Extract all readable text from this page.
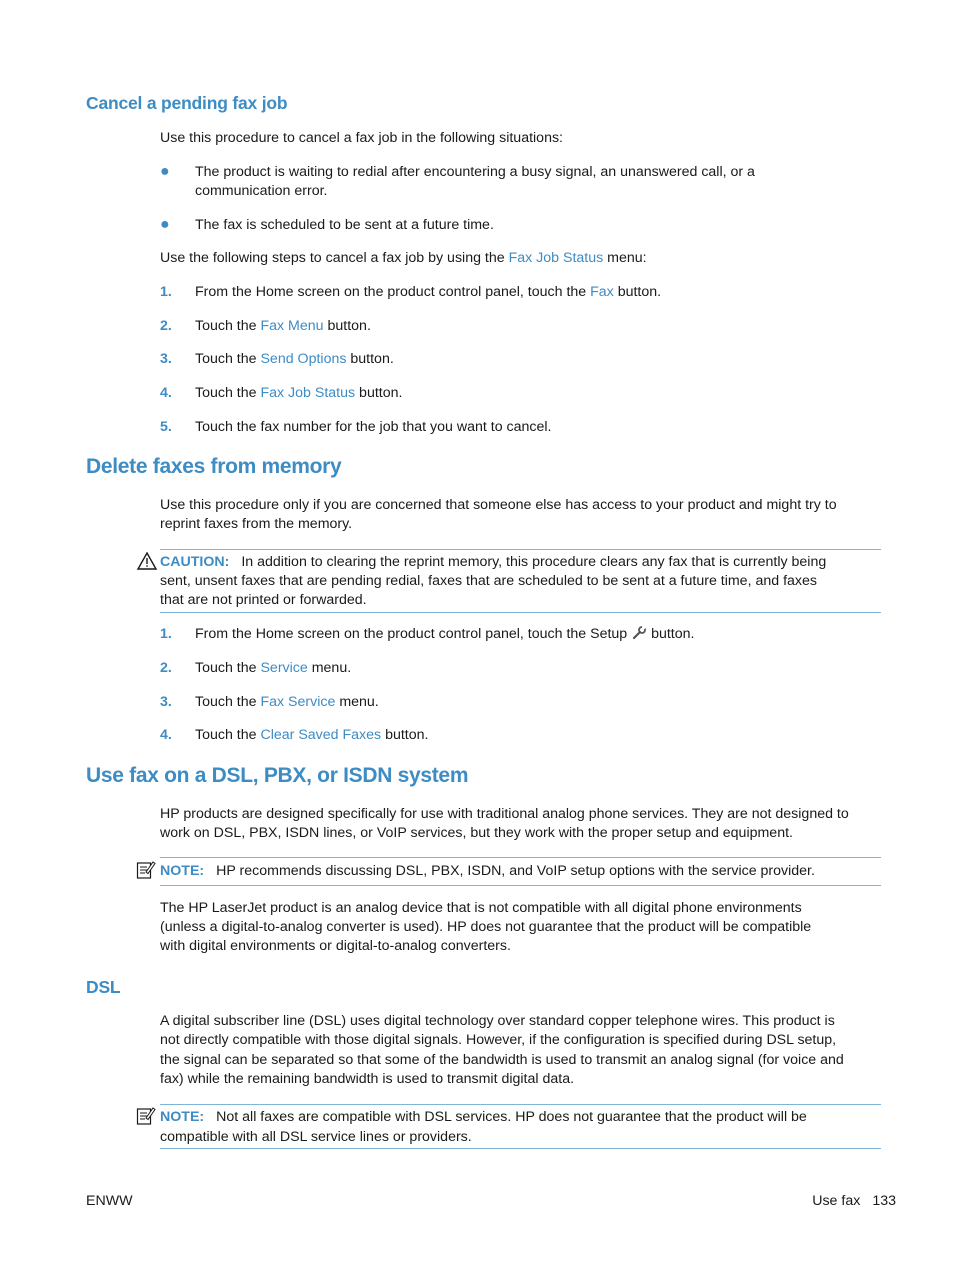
Cancel a pending fax job
Use this procedure to cancel a fax job in the following situations:
● The product is waiting to redial after encountering a busy signal, an unanswered call, or a
communication error.
● The fax is scheduled to be sent at a future time.
Use the following steps to cancel a fax job by using the Fax Job Status menu:
1. From the Home screen on the product control panel, touch the Fax button.
2. Touch the Fax Menu button.
3. Touch the Send Options button.
4. Touch the Fax Job Status button.
5. Touch the fax number for the job that you want to cancel.
Delete faxes from memory
Use this procedure only if you are concerned that someone else has access to your product and might try to
reprint faxes from the memory.
CAUTION: In addition to clearing the reprint memory, this procedure clears any fax that is currently being
sent, unsent faxes that are pending redial, faxes that are scheduled to be sent at a future time, and faxes
that are not printed or forwarded.
1. From the Home screen on the product control panel, touch the Setup  button.
2. Touch the Service menu.
3. Touch the Fax Service menu.
4. Touch the Clear Saved Faxes button.
Use fax on a DSL, PBX, or ISDN system
HP products are designed specifically for use with traditional analog phone services. They are not designed to
work on DSL, PBX, ISDN lines, or VoIP services, but they work with the proper setup and equipment.
NOTE: HP recommends discussing DSL, PBX, ISDN, and VoIP setup options with the service provider.
The HP LaserJet product is an analog device that is not compatible with all digital phone environments
(unless a digital-to-analog converter is used). HP does not guarantee that the product will be compatible
with digital environments or digital-to-analog converters.
DSL
A digital subscriber line (DSL) uses digital technology over standard copper telephone wires. This product is
not directly compatible with those digital signals. However, if the configuration is specified during DSL setup,
the signal can be separated so that some of the bandwidth is used to transmit an analog signal (for voice and
fax) while the remaining bandwidth is used to transmit digital data.
NOTE: Not all faxes are compatible with DSL services. HP does not guarantee that the product will be
compatible with all DSL service lines or providers.
ENWW	Use fax 133
